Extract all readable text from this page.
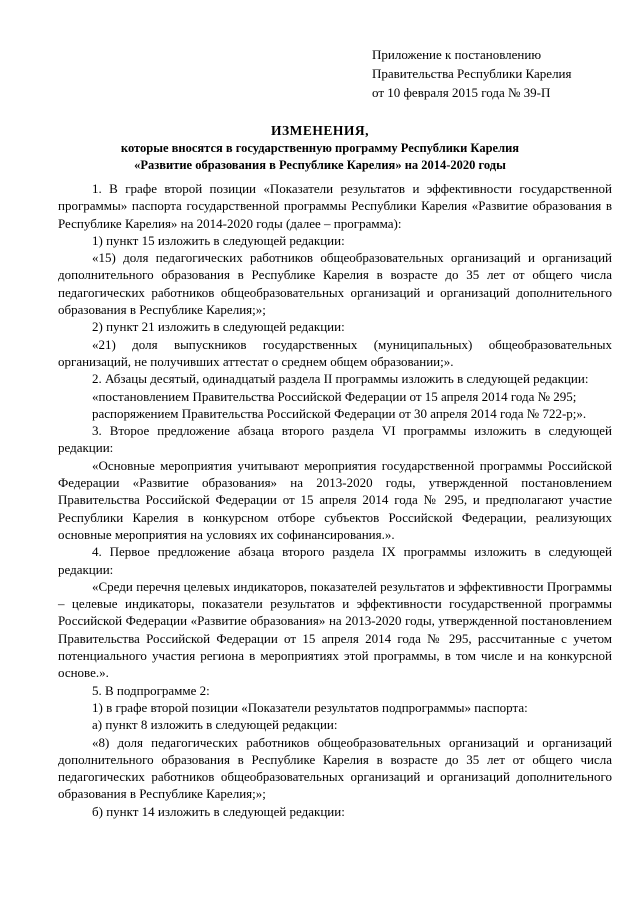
Приложение к постановлению
Правительства Республики Карелия
от 10 февраля 2015 года № 39-П
ИЗМЕНЕНИЯ,
которые вносятся в государственную программу Республики Карелия
«Развитие образования в Республике Карелия» на 2014-2020 годы

1. В графе второй позиции «Показатели результатов и эффективности государственной программы» паспорта государственной программы Республики Карелия «Развитие образования в Республике Карелия» на 2014-2020 годы (далее – программа):

1) пункт 15 изложить в следующей редакции:

«15) доля педагогических работников общеобразовательных организаций и организаций дополнительного образования в Республике Карелия в возрасте до 35 лет от общего числа педагогических работников общеобразовательных организаций и организаций дополнительного образования в Республике Карелия;»;

2) пункт 21 изложить в следующей редакции:

«21) доля выпускников государственных (муниципальных) общеобразовательных организаций, не получивших аттестат о среднем общем образовании;».

2. Абзацы десятый, одинадцатый раздела II программы изложить в следующей редакции:

«постановлением Правительства Российской Федерации от 15 апреля 2014 года № 295;

распоряжением Правительства Российской Федерации от 30 апреля 2014 года № 722-р;».

3. Второе предложение абзаца второго раздела VI программы изложить в следующей редакции:

«Основные мероприятия учитывают мероприятия государственной программы Российской Федерации «Развитие образования» на 2013-2020 годы, утвержденной постановлением Правительства Российской Федерации от 15 апреля 2014 года № 295, и предполагают участие Республики Карелия в конкурсном отборе субъектов Российской Федерации, реализующих основные мероприятия на условиях их софинансирования.».

4. Первое предложение абзаца второго раздела IX программы изложить в следующей редакции:

«Среди перечня целевых индикаторов, показателей результатов и эффективности Программы – целевые индикаторы, показатели результатов и эффективности государственной программы Российской Федерации «Развитие образования» на 2013-2020 годы, утвержденной постановлением Правительства Российской Федерации от 15 апреля 2014 года № 295, рассчитанные с учетом потенциального участия региона в мероприятиях этой программы, в том числе и на конкурсной основе.».

5. В подпрограмме 2:

1) в графе второй позиции «Показатели результатов подпрограммы» паспорта:

а) пункт 8 изложить в следующей редакции:

«8) доля педагогических работников общеобразовательных организаций и организаций дополнительного образования в Республике Карелия в возрасте до 35 лет от общего числа педагогических работников общеобразовательных организаций и организаций дополнительного образования в Республике Карелия;»;

б) пункт 14 изложить в следующей редакции:
